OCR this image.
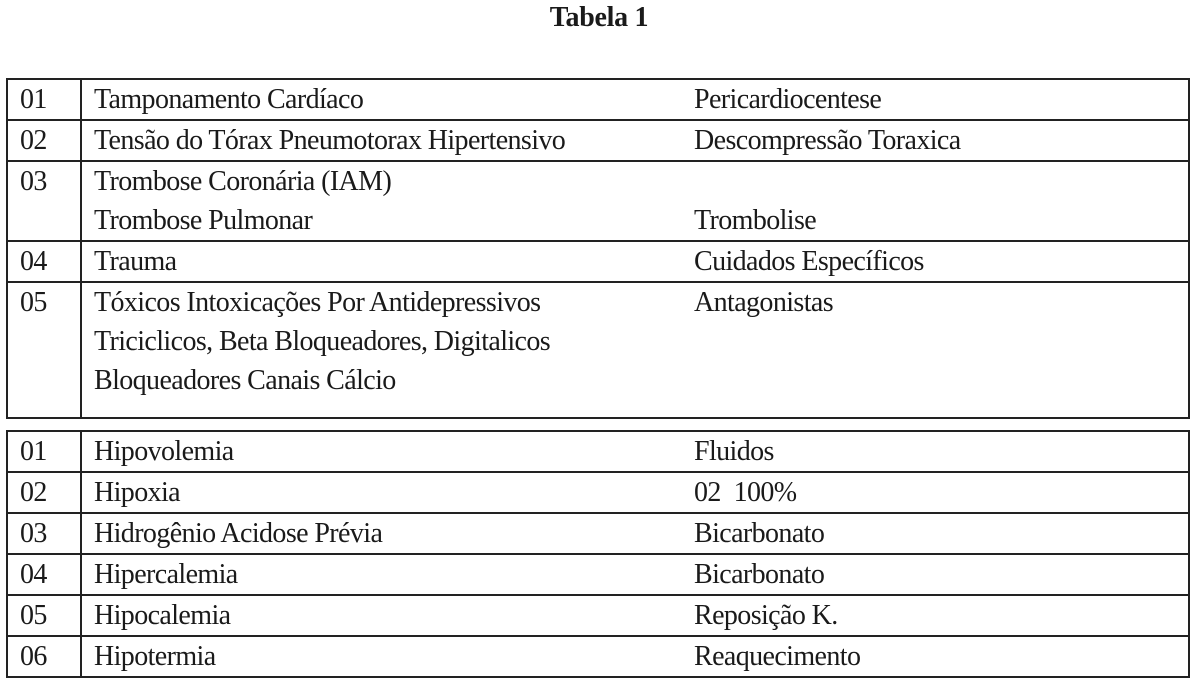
Tabela 1
01	Tamponamento Cardíaco	Pericardiocentese

02	Tensão do Tórax Pneumotorax Hipertensivo	Descompressão Toraxica

03	Trombose Coronária (IAM)
Trombose Pulmonar	Trombolise

04	Trauma	Cuidados Específicos

05	Tóxicos Intoxicações Por Antidepressivos
Triciclicos, Beta Bloqueadores, Digitalicos
Bloqueadores Canais Cálcio	Antagonistas
01	Hipovolemia	Fluidos

02	Hipoxia	02  100%

03	Hidrogênio Acidose Prévia	Bicarbonato

04	Hipercalemia	Bicarbonato

05	Hipocalemia	Reposição K.

06	Hipotermia	Reaquecimento
